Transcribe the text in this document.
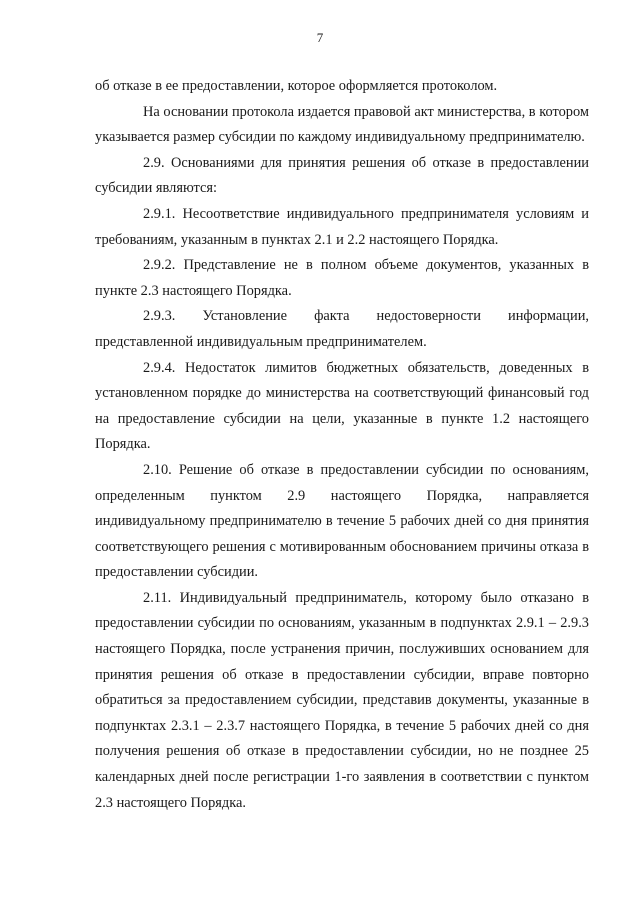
7

об отказе в ее предоставлении, которое оформляется протоколом.

На основании протокола издается правовой акт министерства, в котором указывается размер субсидии по каждому индивидуальному предпринимателю.

2.9. Основаниями для принятия решения об отказе в предоставлении субсидии являются:

2.9.1. Несоответствие индивидуального предпринимателя условиям и требованиям, указанным в пунктах 2.1 и 2.2 настоящего Порядка.

2.9.2. Представление не в полном объеме документов, указанных в пункте 2.3 настоящего Порядка.

2.9.3. Установление факта недостоверности информации, представленной индивидуальным предпринимателем.

2.9.4. Недостаток лимитов бюджетных обязательств, доведенных в установленном порядке до министерства на соответствующий финансовый год на предоставление субсидии на цели, указанные в пункте 1.2 настоящего Порядка.

2.10. Решение об отказе в предоставлении субсидии по основаниям, определенным пунктом 2.9 настоящего Порядка, направляется индивидуальному предпринимателю в течение 5 рабочих дней со дня принятия соответствующего решения с мотивированным обоснованием причины отказа в предоставлении субсидии.

2.11. Индивидуальный предприниматель, которому было отказано в предоставлении субсидии по основаниям, указанным в подпунктах 2.9.1 – 2.9.3 настоящего Порядка, после устранения причин, послуживших основанием для принятия решения об отказе в предоставлении субсидии, вправе повторно обратиться за предоставлением субсидии, представив документы, указанные в подпунктах 2.3.1 – 2.3.7 настоящего Порядка, в течение 5 рабочих дней со дня получения решения об отказе в предоставлении субсидии, но не позднее 25 календарных дней после регистрации 1-го заявления в соответствии с пунктом 2.3 настоящего Порядка.
